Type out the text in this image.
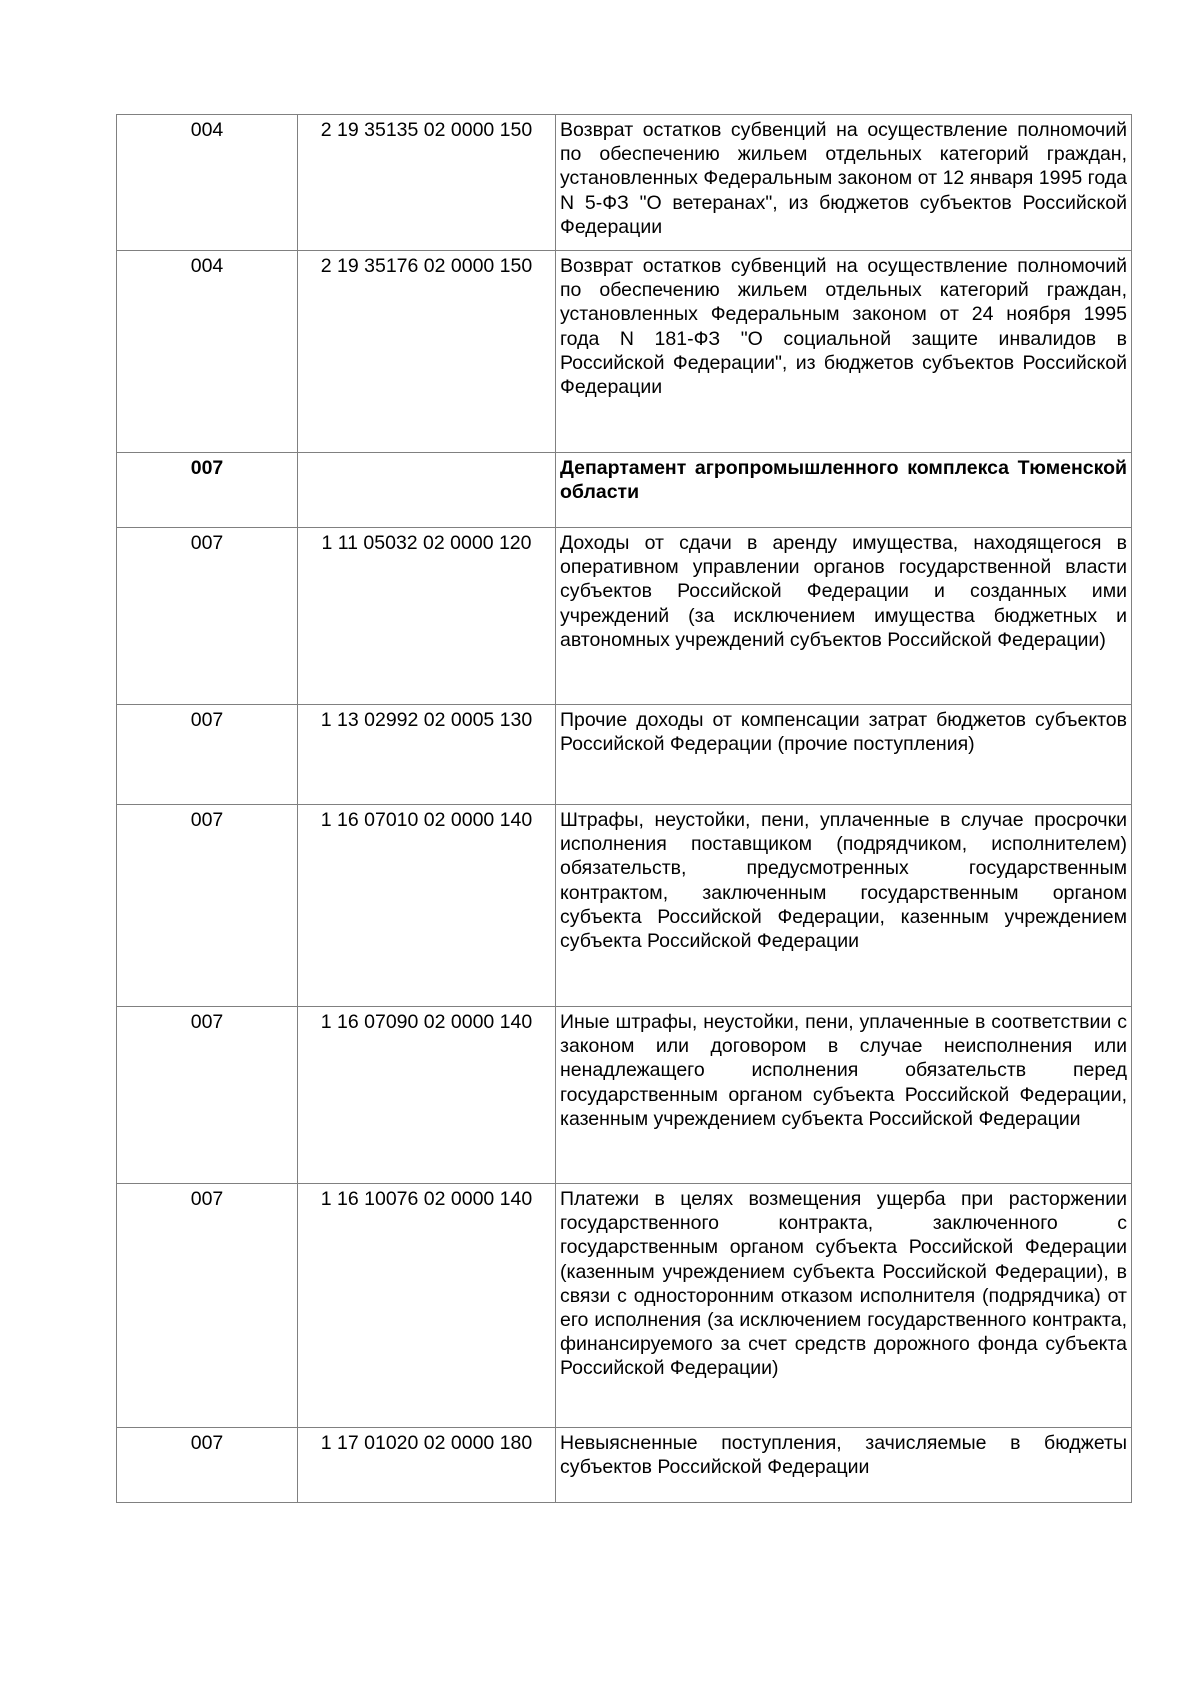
004	2 19 35135 02 0000 150	Возврат остатков субвенций на осуществление полномочий по обеспечению жильем отдельных категорий граждан, установленных Федеральным законом от 12 января 1995 года N 5-ФЗ "О ветеранах", из бюджетов субъектов Российской Федерации
004	2 19 35176 02 0000 150	Возврат остатков субвенций на осуществление полномочий по обеспечению жильем отдельных категорий граждан, установленных Федеральным законом от 24 ноября 1995 года N 181-ФЗ "О социальной защите инвалидов в Российской Федерации", из бюджетов субъектов Российской Федерации
007		Департамент агропромышленного комплекса Тюменской области
007	1 11 05032 02 0000 120	Доходы от сдачи в аренду имущества, находящегося в оперативном управлении органов государственной власти субъектов Российской Федерации и созданных ими учреждений (за исключением имущества бюджетных и автономных учреждений субъектов Российской Федерации)
007	1 13 02992 02 0005 130	Прочие доходы от компенсации затрат бюджетов субъектов Российской Федерации (прочие поступления)
007	1 16 07010 02 0000 140	Штрафы, неустойки, пени, уплаченные в случае просрочки исполнения поставщиком (подрядчиком, исполнителем) обязательств, предусмотренных государственным контрактом, заключенным государственным органом субъекта Российской Федерации, казенным учреждением субъекта Российской Федерации
007	1 16 07090 02 0000 140	Иные штрафы, неустойки, пени, уплаченные в соответствии с законом или договором в случае неисполнения или ненадлежащего исполнения обязательств перед государственным органом субъекта Российской Федерации, казенным учреждением субъекта Российской Федерации
007	1 16 10076 02 0000 140	Платежи в целях возмещения ущерба при расторжении государственного контракта, заключенного с государственным органом субъекта Российской Федерации (казенным учреждением субъекта Российской Федерации), в связи с односторонним отказом исполнителя (подрядчика) от его исполнения (за исключением государственного контракта, финансируемого за счет средств дорожного фонда субъекта Российской Федерации)
007	1 17 01020 02 0000 180	Невыясненные поступления, зачисляемые в бюджеты субъектов Российской Федерации
